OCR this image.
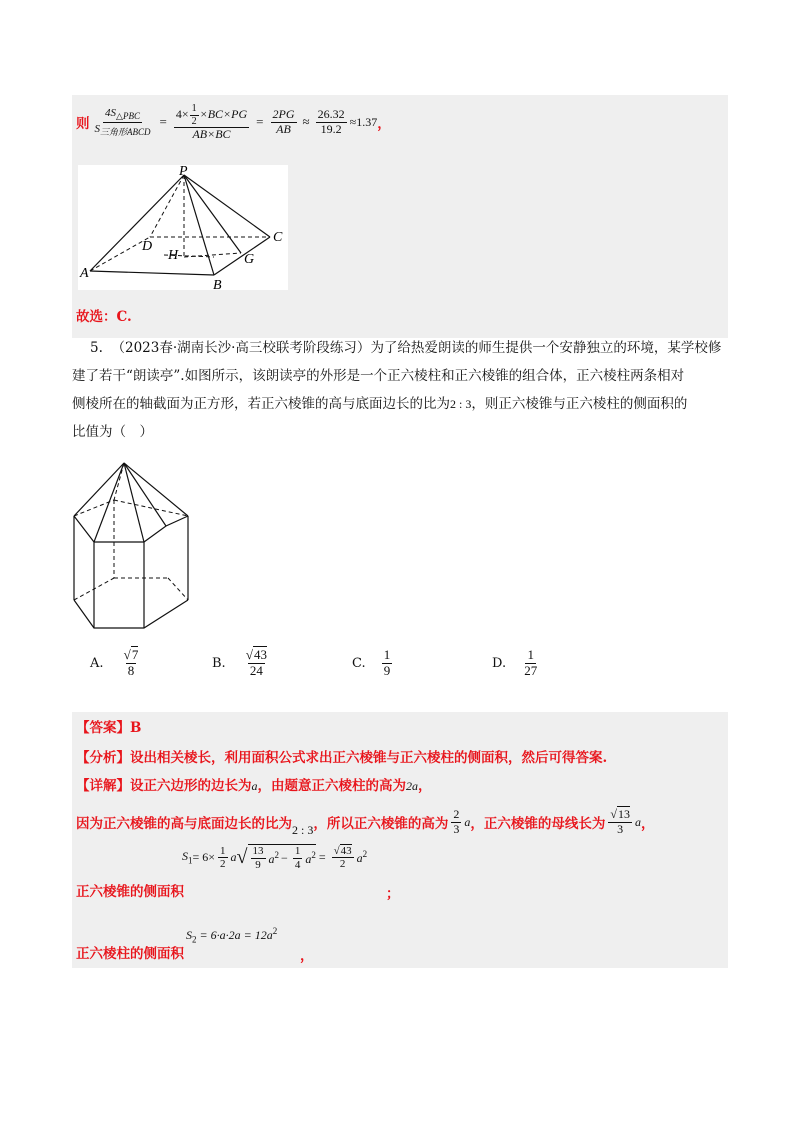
则 $\frac{4S_{\triangle PBC}}{S_{三角形ABCD}} = \frac{4\times \frac{1}{2} \times BC\times PG}{AB\times BC} = \frac{2PG}{AB} \approx \frac{26.32}{19.2} \approx 1.37$ ，
P
D
C
H	G
A
B
故选：C.
5. （2023春·湖南长沙·高三校联考阶段练习）为了给热爱朗读的师生提供一个安静独立的环境，某学校修
建了若干“朗读亭”.如图所示，该朗读亭的外形是一个正六棱柱和正六棱锥的组合体，正六棱柱两条相对
侧棱所在的轴截面为正方形，若正六棱锥的高与底面边长的比为2 : 3，则正六棱锥与正六棱柱的侧面积的
比值为（　）
A. $\frac{√7}{8}$	B. $\frac{√43}{24}$	C. $\frac{1}{9}$	D. $\frac{1}{27}$
【答案】B
【分析】设出相关棱长，利用面积公式求出正六棱锥与正六棱柱的侧面积，然后可得答案.
【详解】设正六边形的边长为a，由题意正六棱柱的高为2a，
因为正六棱锥的高与底面边长的比为 2 : 3 ，所以正六棱锥的高为 $\frac{2}{3}$ a ，正六棱锥的母线长为 $\frac{√13}{3}$ a ，
$S_1 = 6\times \frac{1}{2}$ a √ $\frac{13}{9} a^2 - \frac{1}{4} a^2 = \frac{√43}{2} a^2$
正六棱锥的侧面积	；
$S_2 = 6\cdot a\cdot 2a = 12a^2$
正六棱柱的侧面积	，
